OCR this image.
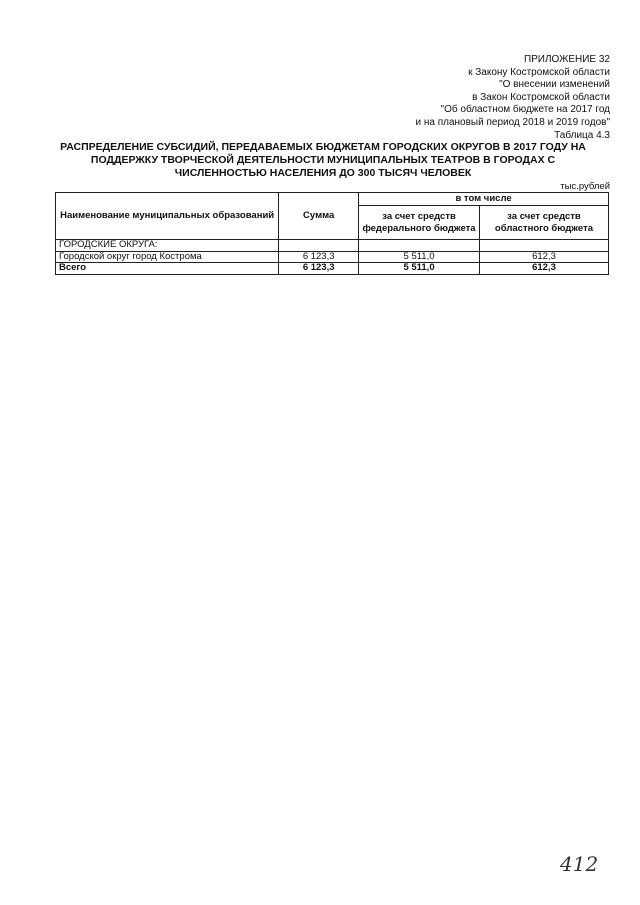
ПРИЛОЖЕНИЕ 32
к Закону Костромской области
"О внесении изменений
в Закон Костромской области
"Об областном бюджете на 2017 год
и на плановый период 2018 и 2019 годов"
Таблица 4.3
РАСПРЕДЕЛЕНИЕ СУБСИДИЙ, ПЕРЕДАВАЕМЫХ БЮДЖЕТАМ ГОРОДСКИХ ОКРУГОВ В 2017 ГОДУ НА ПОДДЕРЖКУ ТВОРЧЕСКОЙ ДЕЯТЕЛЬНОСТИ МУНИЦИПАЛЬНЫХ ТЕАТРОВ В ГОРОДАХ С ЧИСЛЕННОСТЬЮ НАСЕЛЕНИЯ ДО 300 ТЫСЯЧ ЧЕЛОВЕК
тыс.рублей
Наименование муниципальных образований	Сумма	в том числе	
		за счет средств федерального бюджета	за счет средств областного бюджета
ГОРОДСКИЕ ОКРУГА:			
Городской округ город Кострома	6 123,3	5 511,0	612,3
Всего	6 123,3	5 511,0	612,3
412
